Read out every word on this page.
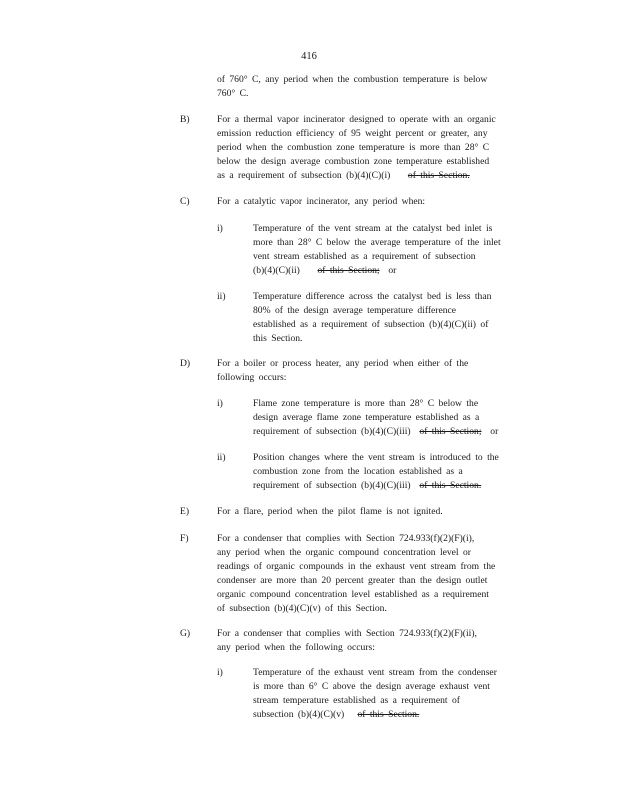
416
of 760° C, any period when the combustion temperature is below
760° C.
B)	For a thermal vapor incinerator designed to operate with an organic
emission reduction efficiency of 95 weight percent or greater, any
period when the combustion zone temperature is more than 28° C
below the design average combustion zone temperature established
as a requirement of subsection (b)(4)(C)(i) of this Section.
C)	For a catalytic vapor incinerator, any period when:
i)	Temperature of the vent stream at the catalyst bed inlet is
more than 28° C below the average temperature of the inlet
vent stream established as a requirement of subsection
(b)(4)(C)(ii) of this Section; or
ii)	Temperature difference across the catalyst bed is less than
80% of the design average temperature difference
established as a requirement of subsection (b)(4)(C)(ii) of
this Section.
D)	For a boiler or process heater, any period when either of the
following occurs:
i)	Flame zone temperature is more than 28° C below the
design average flame zone temperature established as a
requirement of subsection (b)(4)(C)(iii) of this Section; or
ii)	Position changes where the vent stream is introduced to the
combustion zone from the location established as a
requirement of subsection (b)(4)(C)(iii) of this Section.
E)	For a flare, period when the pilot flame is not ignited.
F)	For a condenser that complies with Section 724.933(f)(2)(F)(i),
any period when the organic compound concentration level or
readings of organic compounds in the exhaust vent stream from the
condenser are more than 20 percent greater than the design outlet
organic compound concentration level established as a requirement
of subsection (b)(4)(C)(v) of this Section.
G)	For a condenser that complies with Section 724.933(f)(2)(F)(ii),
any period when the following occurs:
i)	Temperature of the exhaust vent stream from the condenser
is more than 6° C above the design average exhaust vent
stream temperature established as a requirement of
subsection (b)(4)(C)(v) of this Section.
